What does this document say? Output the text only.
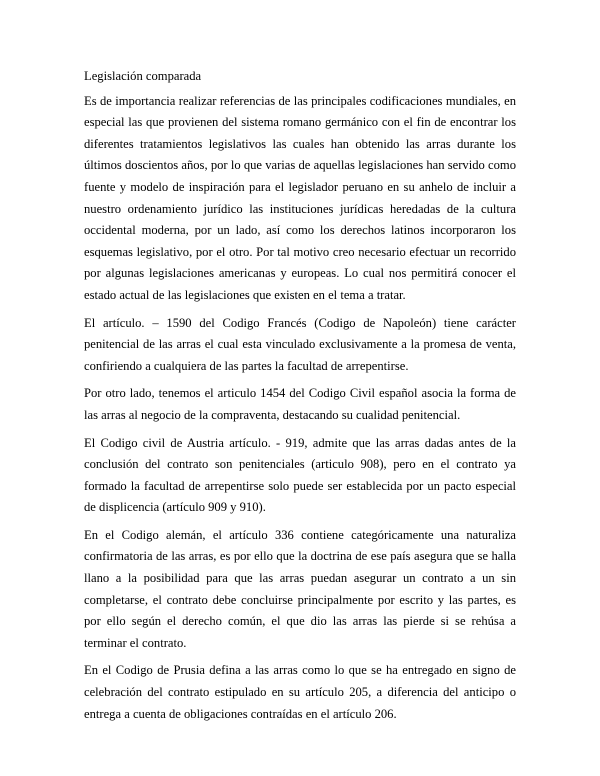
Legislación comparada

Es de importancia realizar referencias de las principales codificaciones mundiales, en especial las que provienen del sistema romano germánico con el fin de encontrar los diferentes tratamientos legislativos las cuales han obtenido las arras durante los últimos doscientos años, por lo que varias de aquellas legislaciones han servido como fuente y modelo de inspiración para el legislador peruano en su anhelo de incluir a nuestro ordenamiento jurídico las instituciones jurídicas heredadas de la cultura occidental moderna, por un lado, así como los derechos latinos incorporaron los esquemas legislativo, por el otro. Por tal motivo creo necesario efectuar un recorrido por algunas legislaciones americanas y europeas. Lo cual nos permitirá conocer el estado actual de las legislaciones que existen en el tema a tratar.

El artículo. – 1590 del Codigo Francés (Codigo de Napoleón) tiene carácter penitencial de las arras el cual esta vinculado exclusivamente a la promesa de venta, confiriendo a cualquiera de las partes la facultad de arrepentirse.

Por otro lado, tenemos el articulo 1454 del Codigo Civil español asocia la forma de las arras al negocio de la compraventa, destacando su cualidad penitencial.

El Codigo civil de Austria artículo. - 919, admite que las arras dadas antes de la conclusión del contrato son penitenciales (articulo 908), pero en el contrato ya formado la facultad de arrepentirse solo puede ser establecida por un pacto especial de displicencia (artículo 909 y 910).

En el Codigo alemán, el artículo 336 contiene categóricamente una naturaliza confirmatoria de las arras, es por ello que la doctrina de ese país asegura que se halla llano a la posibilidad para que las arras puedan asegurar un contrato a un sin completarse, el contrato debe concluirse principalmente por escrito y las partes, es por ello según el derecho común, el que dio las arras las pierde si se rehúsa a terminar el contrato.

En el Codigo de Prusia defina a las arras como lo que se ha entregado en signo de celebración del contrato estipulado en su artículo 205, a diferencia del anticipo o entrega a cuenta de obligaciones contraídas en el artículo 206.
